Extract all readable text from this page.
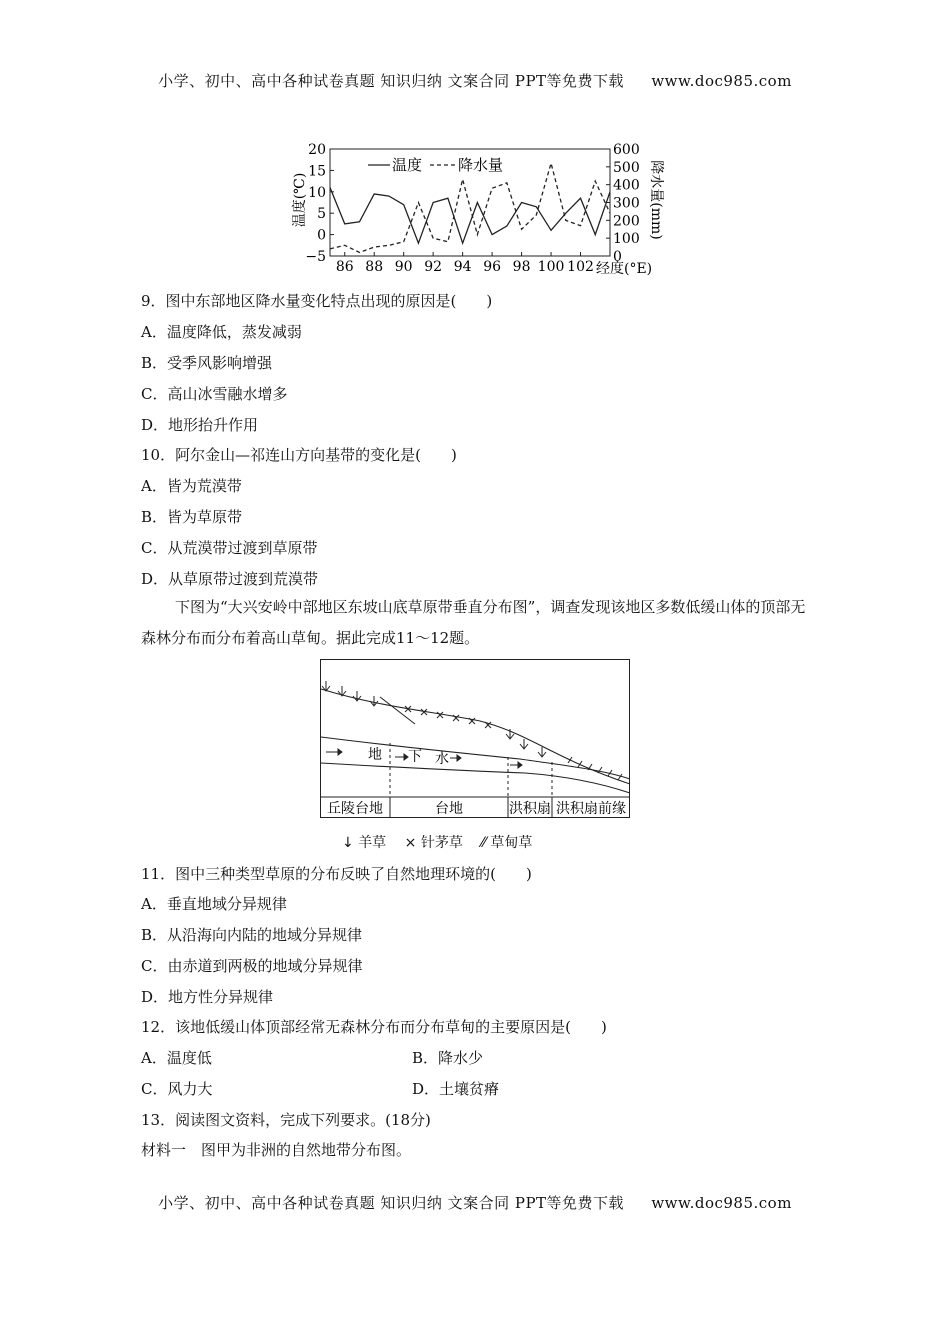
小学、初中、高中各种试卷真题 知识归纳 文案合同 PPT等免费下载 www.doc985.com
20
15
10
5
0
−5
600
500
400
300
200
100
0
86 88 90 92 94 96 98 100 102
温度(℃)	降水量(mm)
经度(°E)
温度 降水量
9．图中东部地区降水量变化特点出现的原因是(　　)
A．温度降低，蒸发减弱
B．受季风影响增强
C．高山冰雪融水增多
D．地形抬升作用
10．阿尔金山—祁连山方向基带的变化是(　　)
A．皆为荒漠带
B．皆为草原带
C．从荒漠带过渡到草原带
D．从草原带过渡到荒漠带
下图为“大兴安岭中部地区东坡山底草原带垂直分布图”，调查发现该地区多数低缓山体的顶部无森林分布而分布着高山草甸。据此完成11～12题。
丘陵台地	台地	洪积扇 洪积扇前缘
地 下 水
↓ 羊草 × 针茅草 ⁄⁄ 草甸草
11．图中三种类型草原的分布反映了自然地理环境的(　　)
A．垂直地域分异规律
B．从沿海向内陆的地域分异规律
C．由赤道到两极的地域分异规律
D．地方性分异规律
12．该地低缓山体顶部经常无森林分布而分布草甸的主要原因是(　　)
A．温度低	B．降水少
C．风力大	D．土壤贫瘠
13．阅读图文资料，完成下列要求。(18分)
材料一　图甲为非洲的自然地带分布图。
小学、初中、高中各种试卷真题 知识归纳 文案合同 PPT等免费下载 www.doc985.com
